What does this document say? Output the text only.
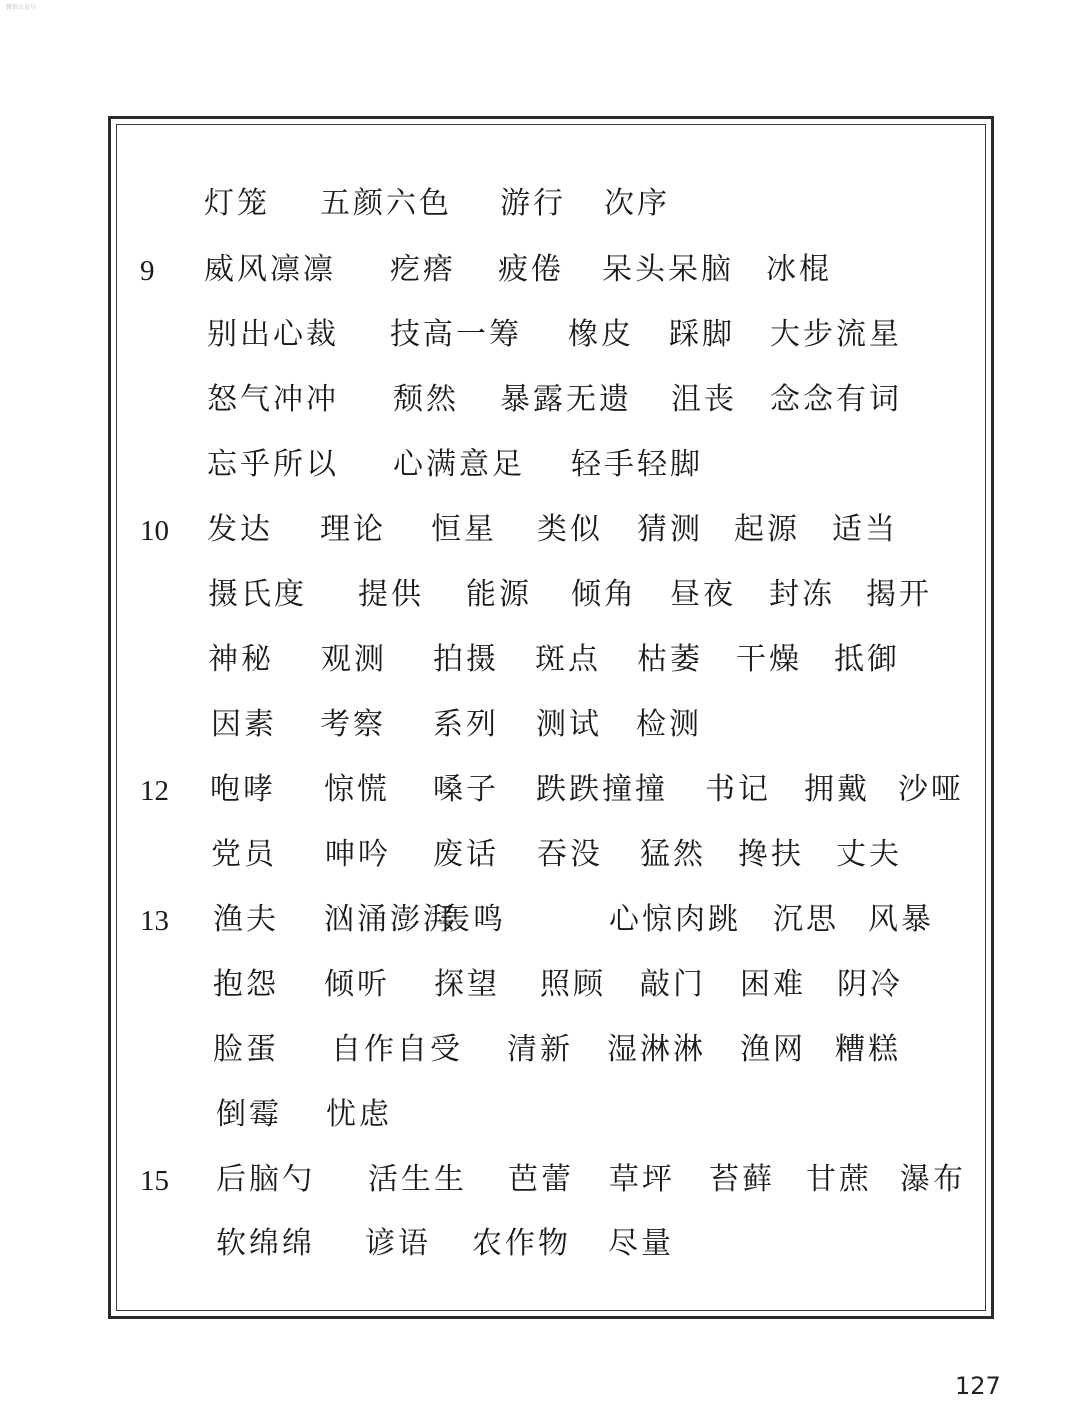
微信公众号
灯笼 五颜六色 游行 次序
9 威风凛凛 疙瘩 疲倦 呆头呆脑 冰棍
别出心裁 技高一筹 橡皮 踩脚 大步流星
怒气冲冲 颓然 暴露无遗 沮丧 念念有词
忘乎所以 心满意足 轻手轻脚
10 发达 理论 恒星 类似 猜测 起源 适当
摄氏度 提供 能源 倾角 昼夜 封冻 揭开
神秘 观测 拍摄 斑点 枯萎 干燥 抵御
因素 考察 系列 测试 检测
12 咆哮 惊慌 嗓子 跌跌撞撞 书记 拥戴 沙哑
党员 呻吟 废话 吞没 猛然 搀扶 丈夫
13 渔夫 汹涌澎湃
轰鸣	心惊肉跳 沉思 风暴
抱怨 倾听 探望 照顾 敲门 困难 阴冷
脸蛋 自作自受 清新 湿淋淋 渔网 糟糕
倒霉 忧虑
15 后脑勺 活生生 芭蕾 草坪 苔藓 甘蔗 瀑布
软绵绵 谚语 农作物 尽量
127
